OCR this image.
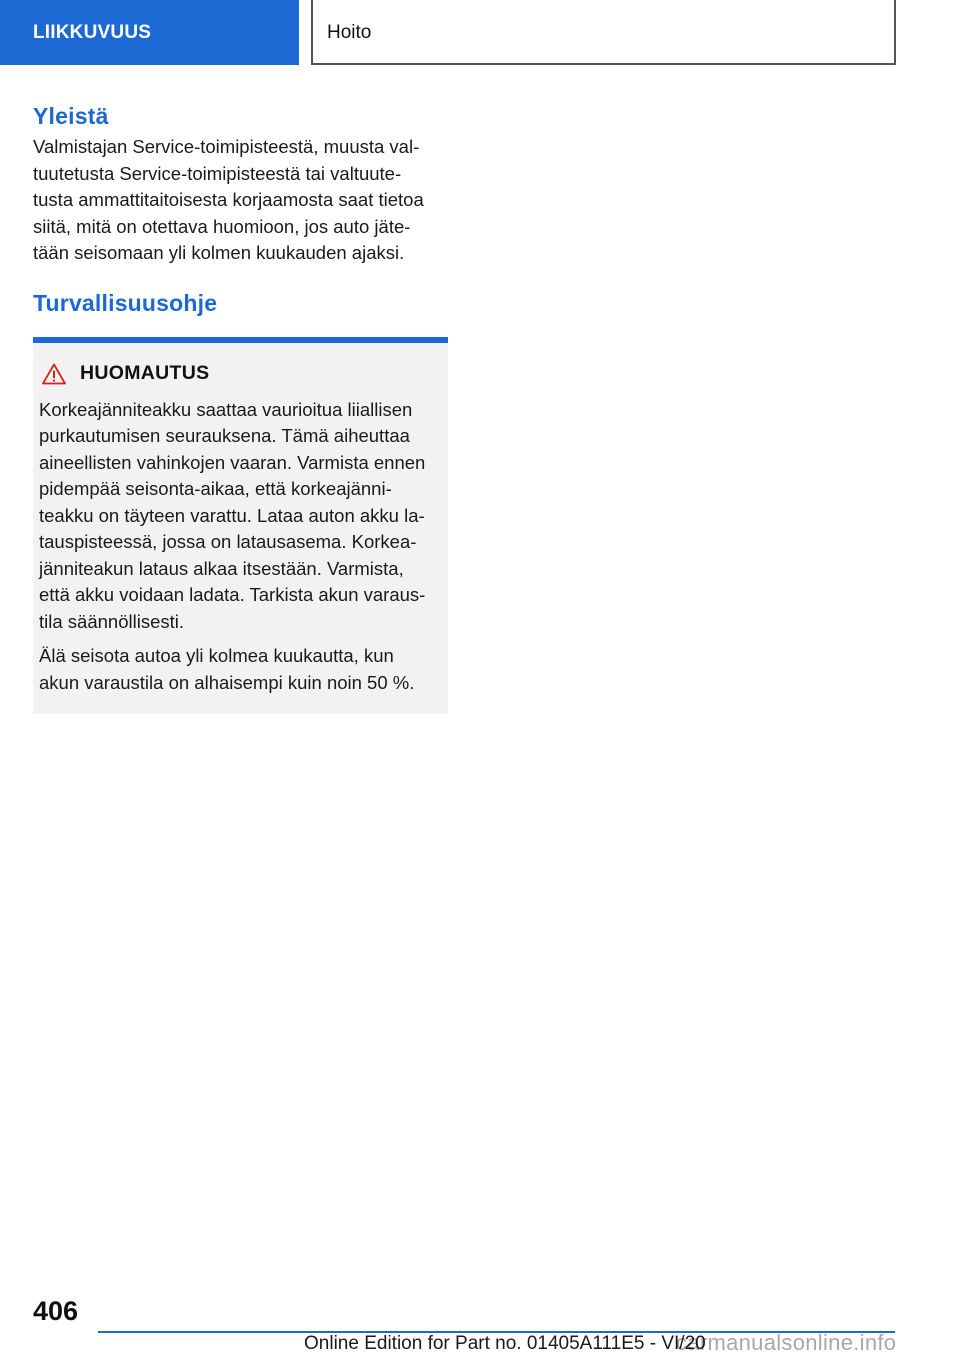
LIIKKUVUUS	Hoito
Yleistä

Valmistajan Service-toimipisteestä, muusta val-
tuutetusta Service-toimipisteestä tai valtuute-
tusta ammattitaitoisesta korjaamosta saat tietoa
siitä, mitä on otettava huomioon, jos auto jäte-
tään seisomaan yli kolmen kuukauden ajaksi.

Turvallisuusohje
HUOMAUTUS

Korkeajänniteakku saattaa vaurioitua liiallisen
purkautumisen seurauksena. Tämä aiheuttaa
aineellisten vahinkojen vaaran. Varmista ennen
pidempää seisonta-aikaa, että korkeajänni-
teakku on täyteen varattu. Lataa auton akku la-
tauspisteessä, jossa on latausasema. Korkea-
jänniteakun lataus alkaa itsestään. Varmista,
että akku voidaan ladata. Tarkista akun varaus-
tila säännöllisesti.

Älä seisota autoa yli kolmea kuukautta, kun
akun varaustila on alhaisempi kuin noin 50 %.

406
Online Edition for Part no. 01405A111E5 - VI/20
carmanualsonline.info
